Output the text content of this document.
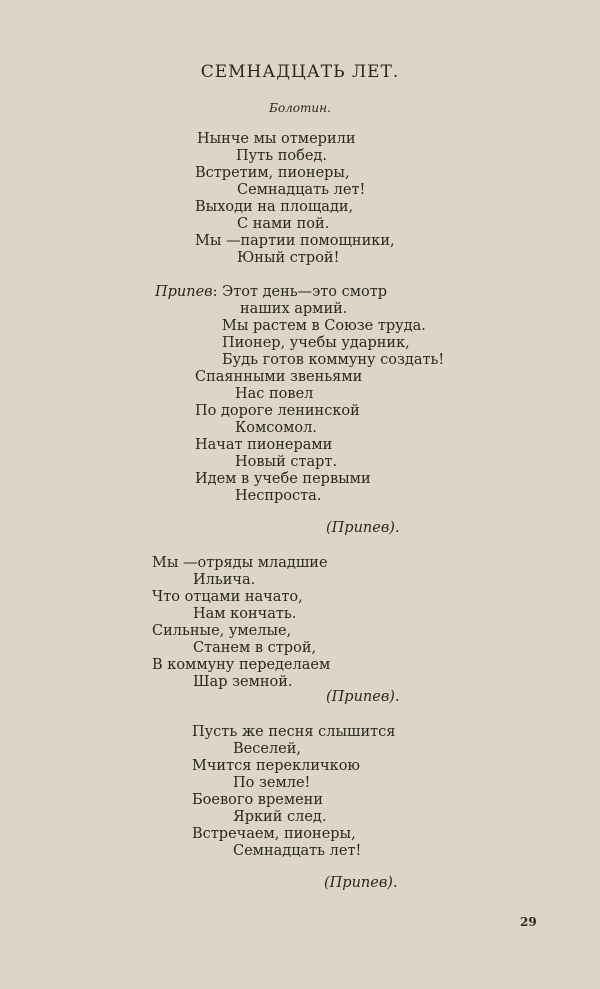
СЕМНАДЦАТЬ ЛЕТ.
Болотин.
Нынче мы отмерили
Путь побед.
Встретим, пионеры,
Семнадцать лет!
Выходи на площади,
С нами пой.
Мы —партии помощники,
Юный строй!
Припев: Этот день—это смотр
наших армий.
Мы растем в Союзе труда.
Пионер, учебы ударник,
Будь готов коммуну создать!
Спаянными звеньями
Нас повел
По дороге ленинской
Комсомол.
Начат пионерами
Новый старт.
Идем в учебе первыми
Неспроста.
(Припев).
Мы —отряды младшие
Ильича.
Что отцами начато,
Нам кончать.
Сильные, умелые,
Станем в строй,
В коммуну переделаем
Шар земной.
(Припев).
Пусть же песня слышится
Веселей,
Мчится перекличкою
По земле!
Боевого времени
Яркий след.
Встречаем, пионеры,
Семнадцать лет!
(Припев).
29
